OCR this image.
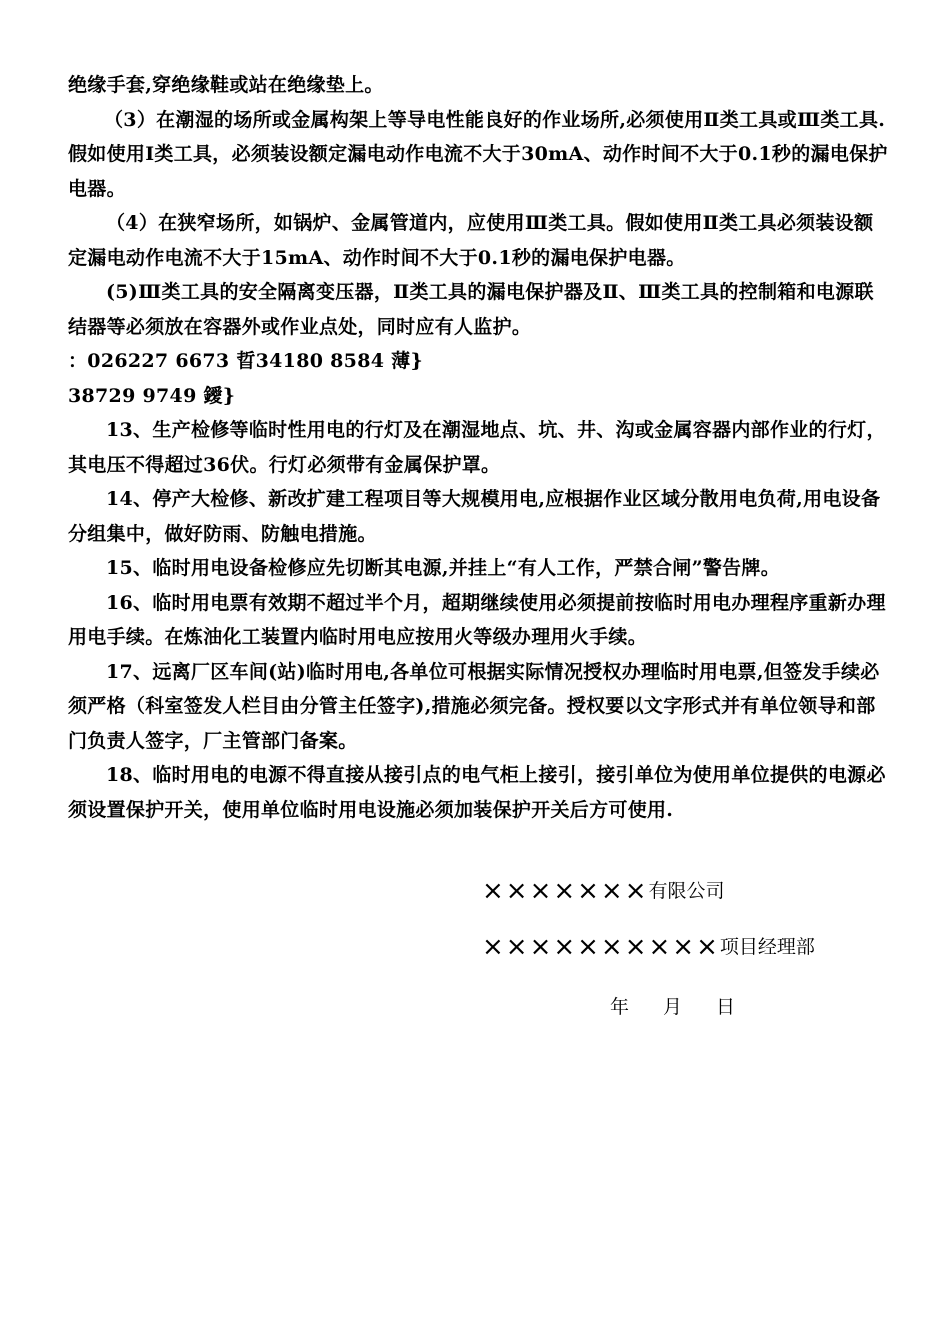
绝缘手套,穿绝缘鞋或站在绝缘垫上。

（3）在潮湿的场所或金属构架上等导电性能良好的作业场所,必须使用Ⅱ类工具或Ⅲ类工具.假如使用Ⅰ类工具，必须装设额定漏电动作电流不大于30mA、动作时间不大于0.1秒的漏电保护电器。

（4）在狭窄场所，如锅炉、金属管道内，应使用Ⅲ类工具。假如使用Ⅱ类工具必须装设额定漏电动作电流不大于15mA、动作时间不大于0.1秒的漏电保护电器。

(5)Ⅲ类工具的安全隔离变压器，Ⅱ类工具的漏电保护器及Ⅱ、Ⅲ类工具的控制箱和电源联结器等必须放在容器外或作业点处，同时应有人监护。

：026227 6673 晢34180 8584 薄}

38729 9749 鑀}

13、生产检修等临时性用电的行灯及在潮湿地点、坑、井、沟或金属容器内部作业的行灯，其电压不得超过36伏。行灯必须带有金属保护罩。

14、停产大检修、新改扩建工程项目等大规模用电,应根据作业区域分散用电负荷,用电设备分组集中，做好防雨、防触电措施。

15、临时用电设备检修应先切断其电源,并挂上“有人工作，严禁合闸”警告牌。

16、临时用电票有效期不超过半个月，超期继续使用必须提前按临时用电办理程序重新办理用电手续。在炼油化工装置内临时用电应按用火等级办理用火手续。

17、远离厂区车间(站)临时用电,各单位可根据实际情况授权办理临时用电票,但签发手续必须严格（科室签发人栏目由分管主任签字),措施必须完备。授权要以文字形式并有单位领导和部门负责人签字，厂主管部门备案。

18、临时用电的电源不得直接从接引点的电气柜上接引，接引单位为使用单位提供的电源必须设置保护开关，使用单位临时用电设施必须加装保护开关后方可使用.

×××××××有限公司
××××××××××项目经理部
年 月 日
